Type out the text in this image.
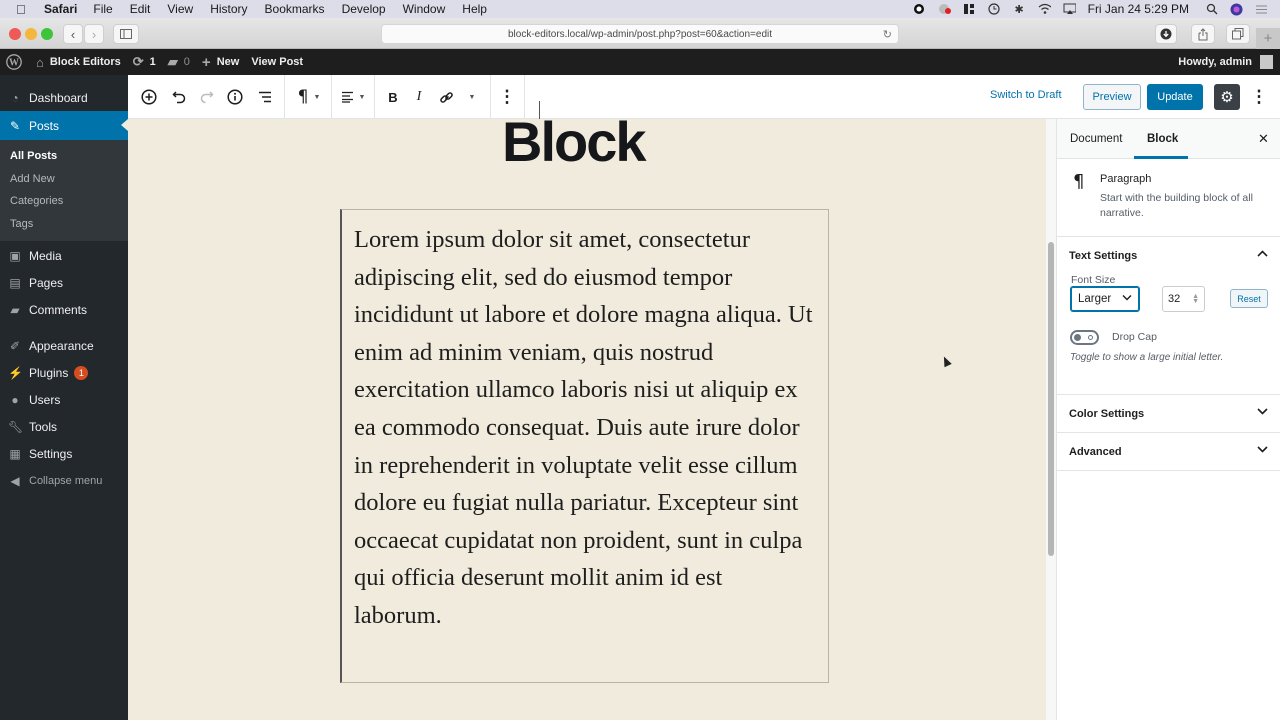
Safari File Edit View History Bookmarks Develop Window Help	✱	Fri Jan 24 5:29 PM
‹	›	block-editors.local/wp-admin/post.php?post=60&action=edit	↻	+
W ⌂ Block Editors ⟳ 1 ▰ 0 + New View Post	Howdy, admin
◔ Dashboard
✎ Posts
All Posts
Add New
Categories
Tags
▣ Media
▤ Pages
▰ Comments
✐ Appearance
⚡ Plugins	1
● Users
🔧︎ Tools
▦ Settings
◀ Collapse menu
¶ ▼	▼ B	I	▼ ⋮	Switch to Draft	Preview	Update	⚙ ⋮
Block
Lorem ipsum dolor sit amet, consectetur adipiscing elit, sed do eiusmod tempor incididunt ut labore et dolore magna aliqua. Ut enim ad minim veniam, quis nostrud exercitation ullamco laboris nisi ut aliquip ex ea commodo consequat. Duis aute irure dolor in reprehenderit in voluptate velit esse cillum dolore eu fugiat nulla pariatur. Excepteur sint occaecat cupidatat non proident, sunt in culpa qui officia deserunt mollit anim id est laborum.
Document Block	✕
¶ Paragraph
Start with the building block of all narrative.
Text Settings
Font Size
Larger	32 ▲
▼	Reset
Drop Cap
Toggle to show a large initial letter.
Color Settings
Advanced
